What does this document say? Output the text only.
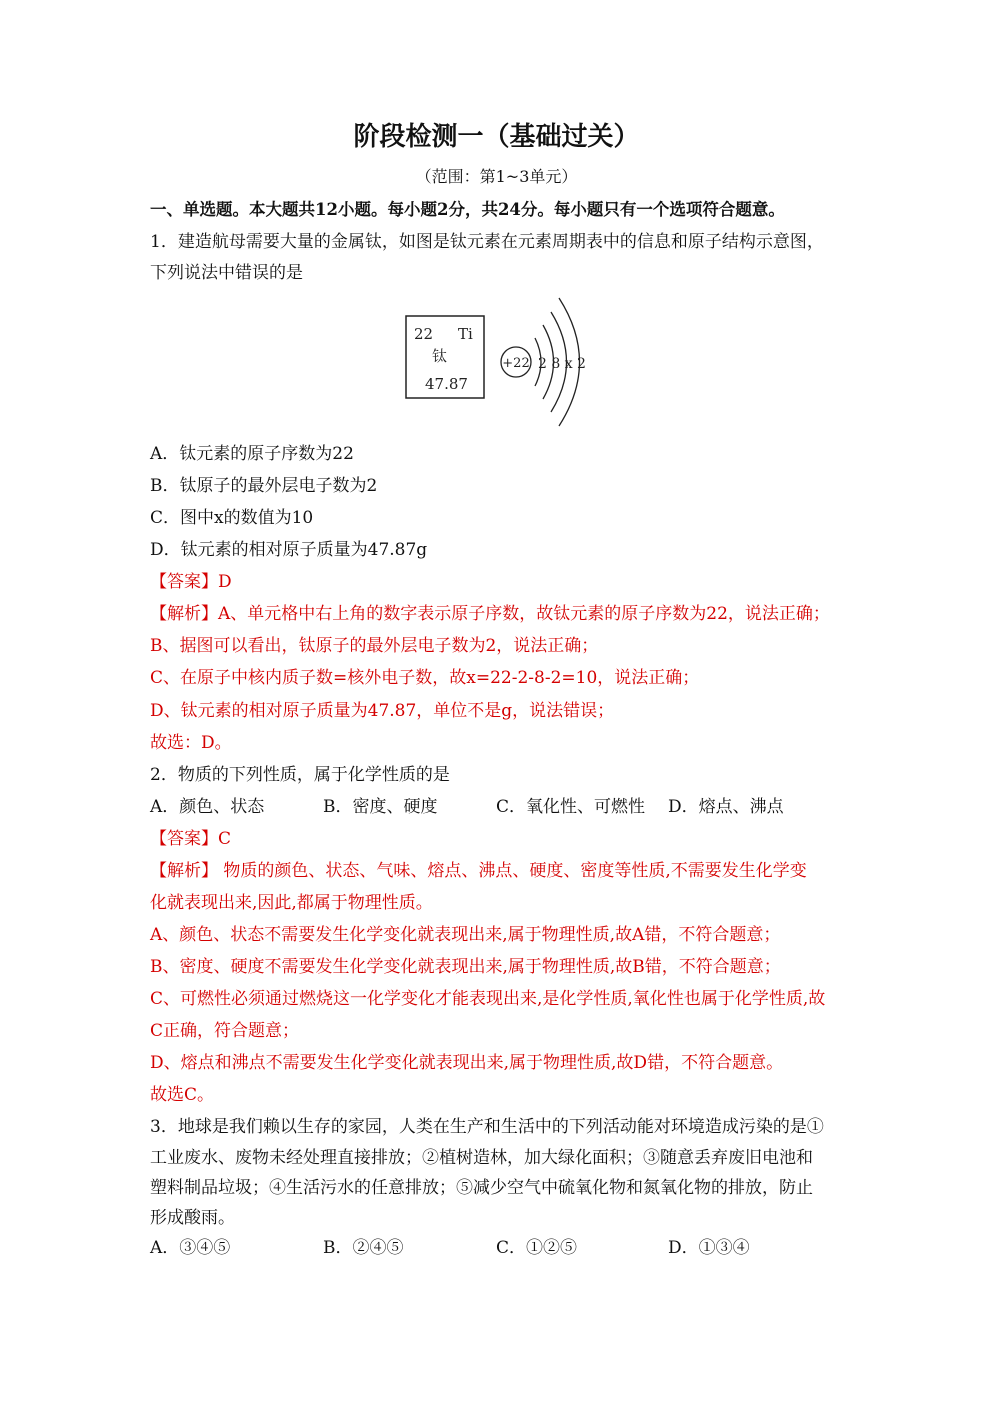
阶段检测一（基础过关）
（范围：第1~3单元）
一、单选题。本大题共12小题。每小题2分，共24分。每小题只有一个选项符合题意。
1．建造航母需要大量的金属钛，如图是钛元素在元素周期表中的信息和原子结构示意图，
下列说法中错误的是
22 Ti
钛
47.87
+22 2 8 x 2
A．钛元素的原子序数为22
B．钛原子的最外层电子数为2
C．图中x的数值为10
D．钛元素的相对原子质量为47.87g
【答案】D
【解析】A、单元格中右上角的数字表示原子序数，故钛元素的原子序数为22，说法正确；
B、据图可以看出，钛原子的最外层电子数为2，说法正确；
C、在原子中核内质子数=核外电子数，故x=22-2-8-2=10，说法正确；
D、钛元素的相对原子质量为47.87，单位不是g，说法错误；
故选：D。
2．物质的下列性质，属于化学性质的是
A．颜色、状态	B．密度、硬度	C．氧化性、可燃性 D．熔点、沸点
【答案】C
【解析】 物质的颜色、状态、气味、熔点、沸点、硬度、密度等性质,不需要发生化学变
化就表现出来,因此,都属于物理性质。
A、颜色、状态不需要发生化学变化就表现出来,属于物理性质,故A错，不符合题意；
B、密度、硬度不需要发生化学变化就表现出来,属于物理性质,故B错，不符合题意；
C、可燃性必须通过燃烧这一化学变化才能表现出来,是化学性质,氧化性也属于化学性质,故
C正确，符合题意；
D、熔点和沸点不需要发生化学变化就表现出来,属于物理性质,故D错，不符合题意。
故选C。
3．地球是我们赖以生存的家园，人类在生产和生活中的下列活动能对环境造成污染的是①
工业废水、废物未经处理直接排放；②植树造林，加大绿化面积；③随意丢弃废旧电池和
塑料制品垃圾；④生活污水的任意排放；⑤减少空气中硫氧化物和氮氧化物的排放，防止
形成酸雨。
A．③④⑤	B．②④⑤	C．①②⑤	D．①③④
